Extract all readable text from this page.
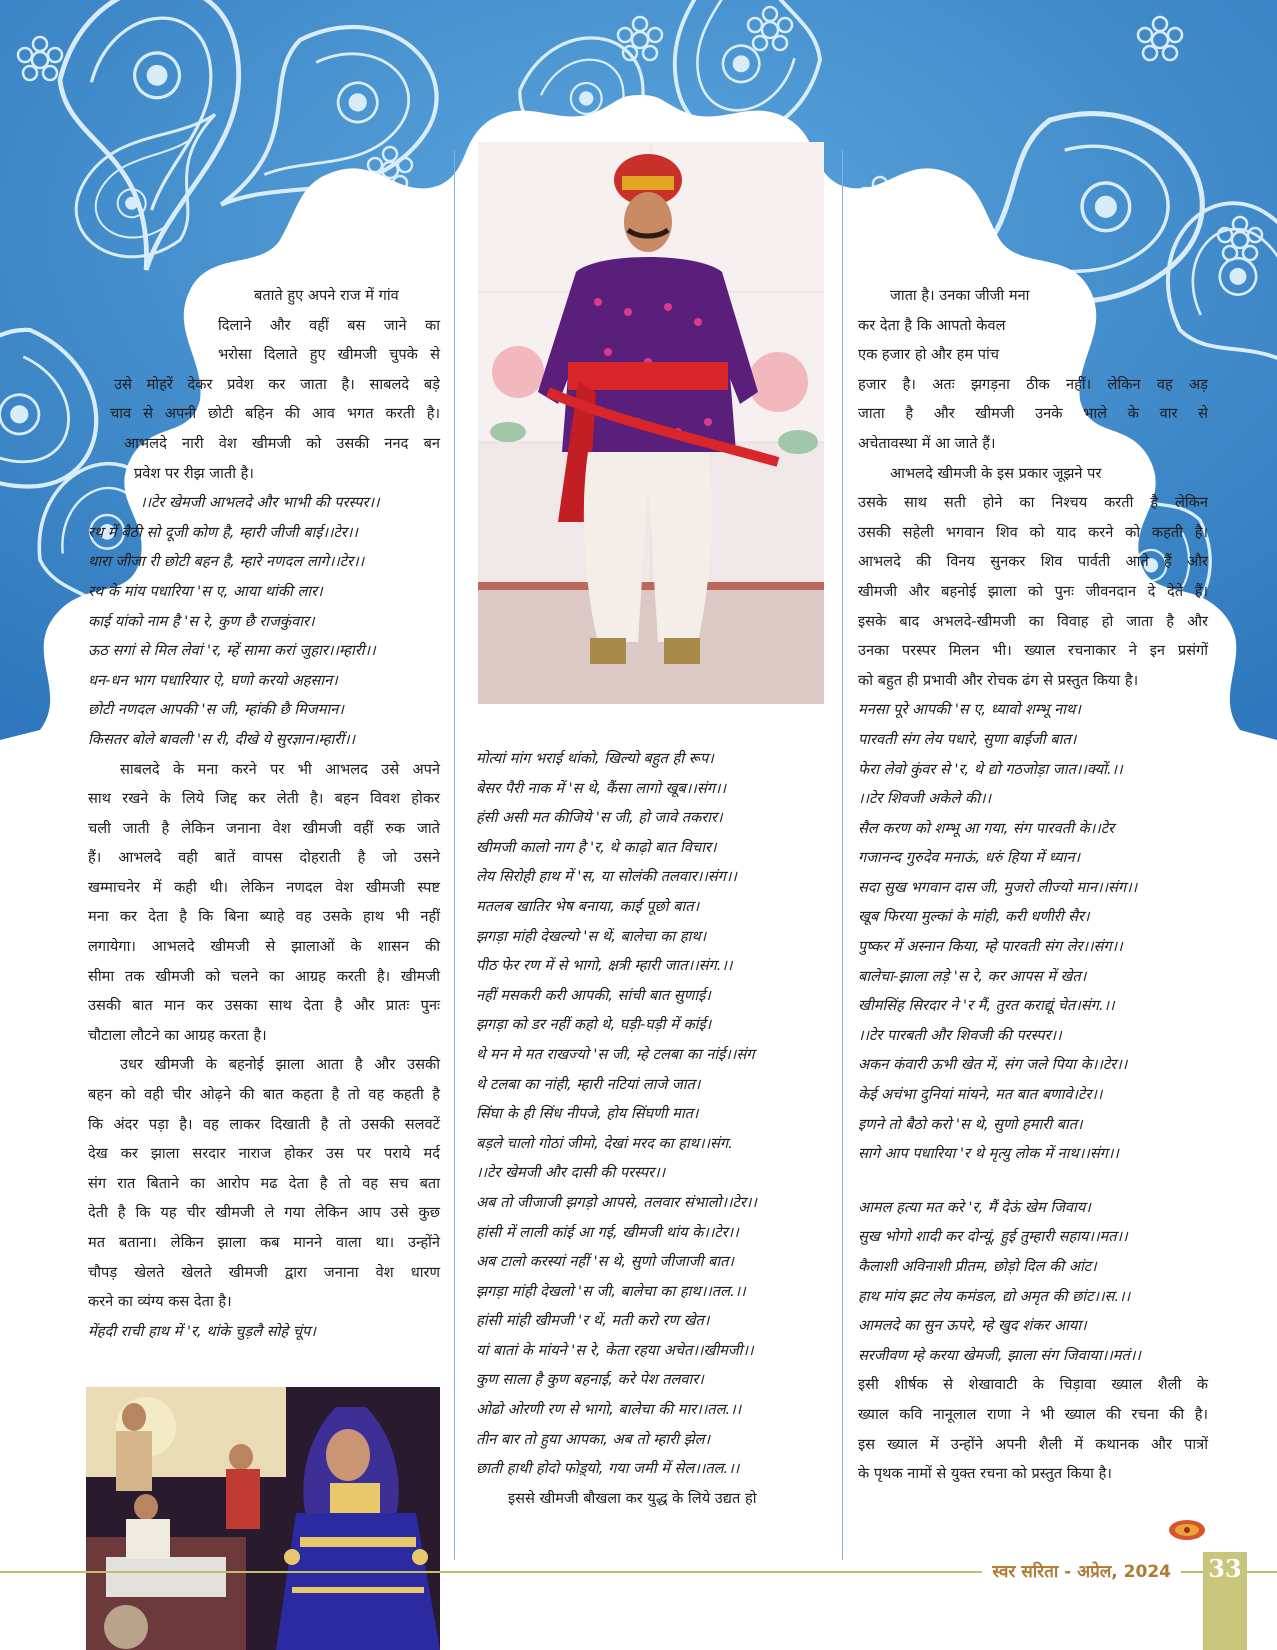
बताते हुए अपने राज में गांव

दिलाने और वहीं बस जाने का

भरोसा दिलाते हुए खीमजी चुपके से

उसे मोहरें देकर प्रवेश कर जाता है। साबलदे बड़े

चाव से अपनी छोटी बहिन की आव भगत करती है।

आभलदे नारी वेश खीमजी को उसकी ननद बन

प्रवेश पर रीझ जाती है।

।।टेर खेमजी आभलदे और भाभी की परस्पर।।

रथ में बैठी सो दूजी कोण है, म्हारी जीजी बाई।।टेर।।

थारा जीजा री छोटी बहन है, म्हारे नणदल लागे।।टेर।।

रथ के मांय पधारिया 'स ए, आया थांकी लार।

काई यांको नाम है 'स रे, कुण छै राजकुंवार।

ऊठ सगां से मिल लेवां 'र, म्हें सामा करां जुहार।।म्हारी।।

धन-धन भाग पधारियार ऐ, घणो करयो अहसान।

छोटी नणदल आपकी 'स जी, म्हांकी छै मिजमान।

किसतर बोले बावली 'स री, दीखे ये सुरज्ञान।म्हारीं।।

साबलदे के मना करने पर भी आभलद उसे अपने

साथ रखने के लिये जिद्द कर लेती है। बहन विवश होकर

चली जाती है लेकिन जनाना वेश खीमजी वहीं रुक जाते

हैं। आभलदे वही बातें वापस दोहराती है जो उसने

खम्माचनेर में कही थी। लेकिन नणदल वेश खीमजी स्पष्ट

मना कर देता है कि बिना ब्याहे वह उसके हाथ भी नहीं

लगायेगा। आभलदे खीमजी से झालाओं के शासन की

सीमा तक खीमजी को चलने का आग्रह करती है। खीमजी

उसकी बात मान कर उसका साथ देता है और प्रातः पुनः

चौटाला लौटने का आग्रह करता है।

उधर खीमजी के बहनोई झाला आता है और उसकी

बहन को वही चीर ओढ़ने की बात कहता है तो वह कहती है

कि अंदर पड़ा है। वह लाकर दिखाती है तो उसकी सलवटें

देख कर झाला सरदार नाराज होकर उस पर पराये मर्द

संग रात बिताने का आरोप मढ देता है तो वह सच बता

देती है कि यह चीर खीमजी ले गया लेकिन आप उसे कुछ

मत बताना। लेकिन झाला कब मानने वाला था। उन्होंने

चौपड़ खेलते खेलते खीमजी द्वारा जनाना वेश धारण

करने का व्यंग्य कस देता है।

मेंहदी राची हाथ में 'र, थांके चुड़लै सोहे चूंप।

मोत्यां मांग भराई थांको, खिल्यो बहुत ही रूप।

बेसर पैरी नाक में 'स थे, कैंसा लागो खूब।।संग।।

हंसी असी मत कीजिये 'स जी, हो जावे तकरार।

खीमजी कालो नाग है 'र, थे काढ़ो बात विचार।

लेय सिरोही हाथ में 'स, या सोलंकी तलवार।।संग।।

मतलब खातिर भेष बनाया, काई पूछो बात।

झगड़ा मांही देखल्यो 'स थें, बालेचा का हाथ।

पीठ फेर रण में से भागो, क्षत्री म्हारी जात।।संग.।।

नहीं मसकरी करी आपकी, सांची बात सुणाई।

झगड़ा को डर नहीं कहो थे, घड़ी-घड़ी में कांई।

थे मन मे मत राखज्यो 'स जी, म्हे टलबा का नांई।।संग

थे टलबा का नांही, म्हारी नटियां लाजे जात।

सिंघा के ही सिंध नीपजे, होय सिंघणी मात।

बड़ले चालो गोठां जीमो, देखां मरद का हाथ।।संग.

।।टेर खेमजी और दासी की परस्पर।।

अब तो जीजाजी झगड़ो आपसे, तलवार संभालो।।टेर।।

हांसी में लाली कांई आ गई, खीमजी थांय के।।टेर।।

अब टालो करस्यां नहीं 'स थे, सुणो जीजाजी बात।

झगड़ा मांही देखलो 'स जी, बालेचा का हाथ।।तल.।।

हांसी मांही खीमजी 'र थें, मती करो रण खेत।

यां बातां के मांयने 'स रे, केता रहया अचेत।।खीमजी।।

कुण साला है कुण बहनाई, करे पेश तलवार।

ओढो ओरणी रण से भागो, बालेचा की मार।।तल.।।

तीन बार तो हुया आपका, अब तो म्हारी झेल।

छाती हाथी होदो फोड़्यो, गया जमी में सेल।।तल.।।

इससे खीमजी बौखला कर युद्ध के लिये उद्यत हो

जाता है। उनका जीजी मना

कर देता है कि आपतो केवल

एक हजार हो और हम पांच

हजार है। अतः झगड़ना ठीक नहीं। लेकिन वह अड़

जाता है और खीमजी उनके भाले के वार से

अचेतावस्था में आ जाते हैं।

आभलदे खीमजी के इस प्रकार जूझने पर

उसके साथ सती होने का निश्चय करती है लेकिन

उसकी सहेली भगवान शिव को याद करने को कहती है।

आभलदे की विनय सुनकर शिव पार्वती आते हैं और

खीमजी और बहनोई झाला को पुनः जीवनदान दे देते हैं।

इसके बाद अभलदे-खीमजी का विवाह हो जाता है और

उनका परस्पर मिलन भी। ख्याल रचनाकार ने इन प्रसंगों

को बहुत ही प्रभावी और रोचक ढंग से प्रस्तुत किया है।

मनसा पूरे आपकी 'स ए, ध्यावो शम्भू नाथ।

पारवती संग लेय पधारे, सुणा बाईजी बात।

फेरा लेवो कुंवर से 'र, थे द्यो गठजोड़ा जात।।क्यों.।।

।।टेर शिवजी अकेले की।।

सैल करण को शम्भू आ गया, संग पारवती के।।टेर

गजानन्द गुरुदेव मनाऊं, धरुं हिया में ध्यान।

सदा सुख भगवान दास जी, मुजरो लीज्यो मान।।संग।।

खूब फिरया मुल्कां के मांही, करी धणीरी सैर।

पुष्कर में अस्नान किया, म्हे पारवती संग लेर।।संग।।

बालेचा-झाला लड़े 'स रे, कर आपस में खेत।

खीमसिंह सिरदार ने 'र मैं, तुरत कराद्यूं चेत।संग.।।

।।टेर पारबती और शिवजी की परस्पर।।

अकन कंवारी ऊभी खेत में, संग जले पिया के।।टेर।।

केई अचंभा दुनियां मांयने, मत बात बणावे।टेर।।

इणने तो बैठो करो 'स थे, सुणो हमारी बात।

सागे आप पधारिया 'र थे मृत्यु लोक में नाथ।।संग।।

आमल हत्या मत करे 'र, मैं देऊं खेम जिवाय।

सुख भोगो शादी कर दोन्यूं, हुई तुम्हारी सहाय।।मत।।

कैलाशी अविनाशी प्रीतम, छोड़ो दिल की आंट।

हाथ मांय झट लेय कमंडल, द्यो अमृत की छांट।।स.।।

आमलदे का सुन ऊपरे, म्हे खुद शंकर आया।

सरजीवण म्हे करया खेमजी, झाला संग जिवाया।।मतं।।

इसी शीर्षक से शेखावाटी के चिड़ावा ख्याल शैली के

ख्याल कवि नानूलाल राणा ने भी ख्याल की रचना की है।

इस ख्याल में उन्होंने अपनी शैली में कथानक और पात्रों

के पृथक नामों से युक्त रचना को प्रस्तुत किया है।

स्वर सरिता - अप्रेल, 2024	33
